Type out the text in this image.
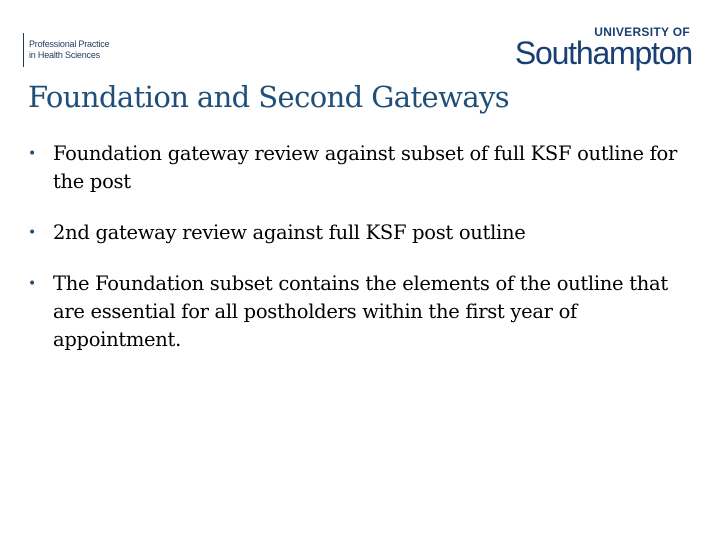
Professional Practice
in Health Sciences
UNIVERSITY OF
Southampton
Foundation and Second Gateways
• Foundation gateway review against subset of full KSF outline for the post
• 2nd gateway review against full KSF post outline
• The Foundation subset contains the elements of the outline that are essential for all postholders within the first year of appointment.
